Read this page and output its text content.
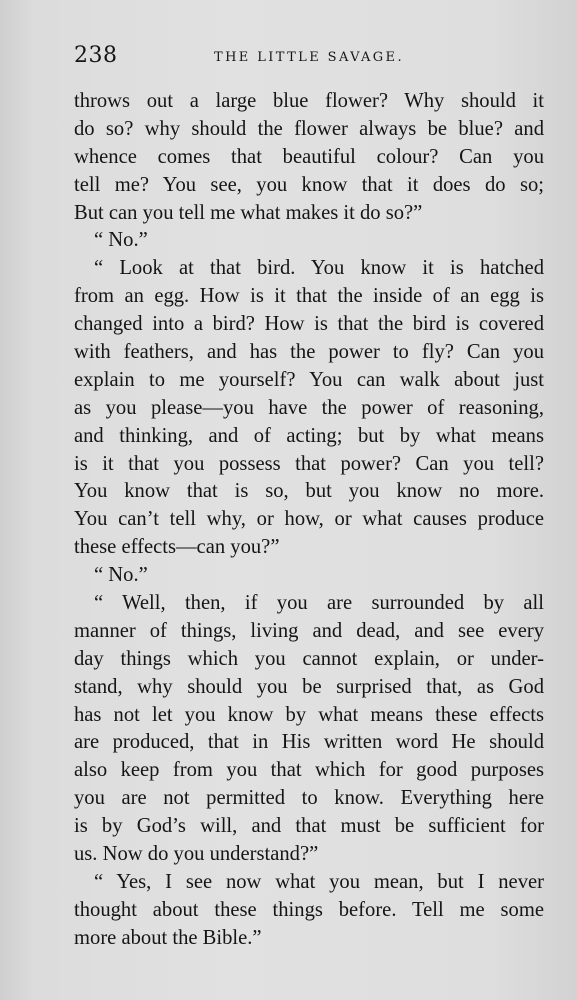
238	THE LITTLE SAVAGE.
throws out a large blue flower? Why should it
do so? why should the flower always be blue? and
whence comes that beautiful colour? Can you
tell me? You see, you know that it does do so;
But can you tell me what makes it do so?”
“ No.”
“ Look at that bird. You know it is hatched
from an egg. How is it that the inside of an egg is
changed into a bird? How is that the bird is covered
with feathers, and has the power to fly? Can you
explain to me yourself? You can walk about just
as you please—you have the power of reasoning,
and thinking, and of acting; but by what means
is it that you possess that power? Can you tell?
You know that is so, but you know no more.
You can’t tell why, or how, or what causes produce
these effects—can you?”
“ No.”
“ Well, then, if you are surrounded by all
manner of things, living and dead, and see every
day things which you cannot explain, or under-
stand, why should you be surprised that, as God
has not let you know by what means these effects
are produced, that in His written word He should
also keep from you that which for good purposes
you are not permitted to know. Everything here
is by God’s will, and that must be sufficient for
us. Now do you understand?”
“ Yes, I see now what you mean, but I never
thought about these things before. Tell me some
more about the Bible.”
